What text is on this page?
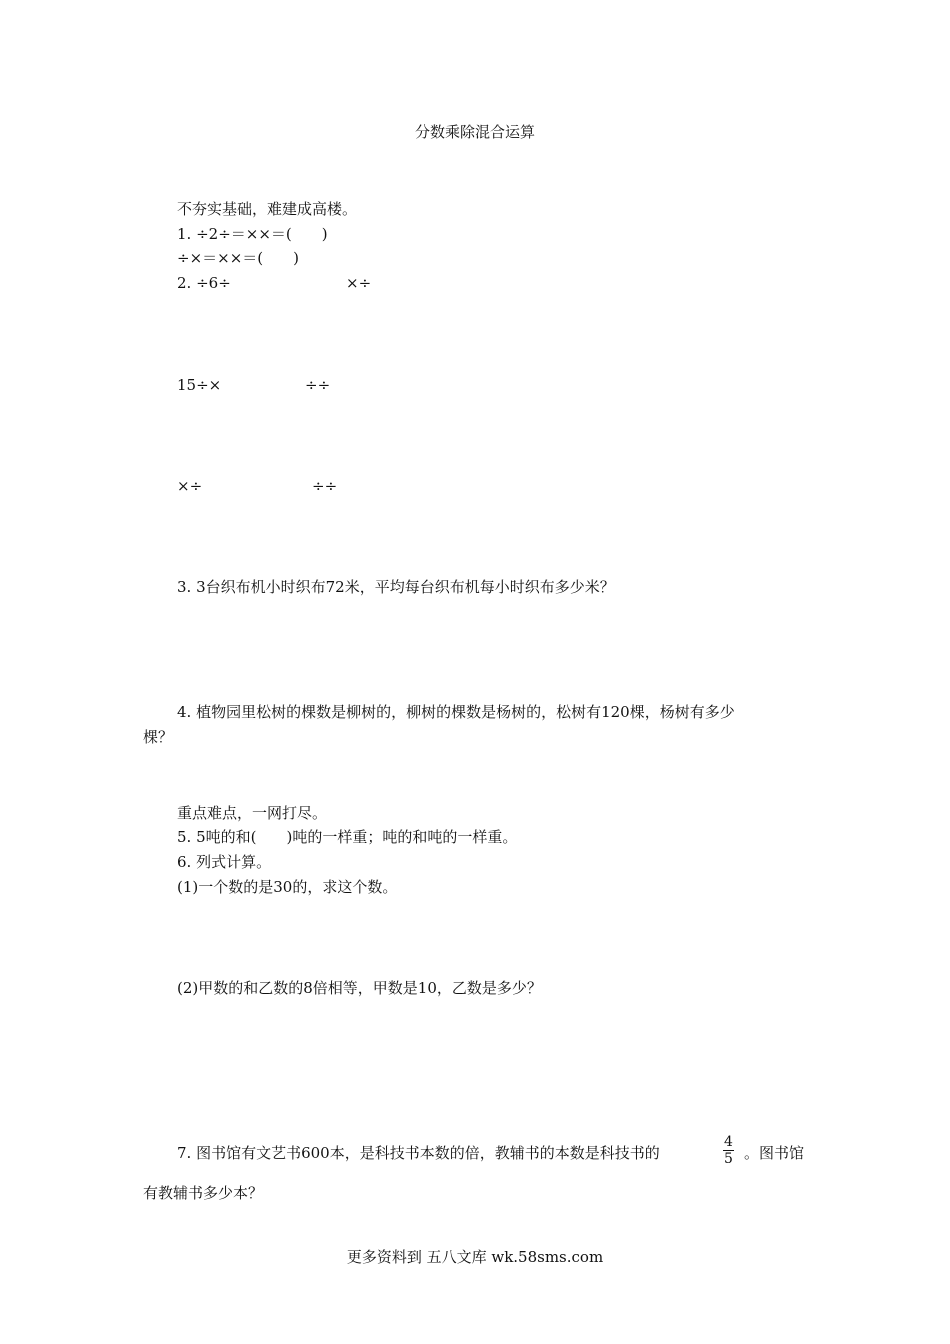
分数乘除混合运算
不夯实基础，难建成高楼。
1. ÷2÷＝××＝(　　)
÷×＝××＝(　　)
2. ÷6÷	×÷
15÷×	÷÷
×÷	÷÷
3. 3台织布机小时织布72米，平均每台织布机每小时织布多少米？
4. 植物园里松树的棵数是柳树的，柳树的棵数是杨树的，松树有120棵，杨树有多少
棵？
重点难点，一网打尽。
5. 5吨的和(　　)吨的一样重；吨的和吨的一样重。
6. 列式计算。
(1)一个数的是30的，求这个数。
(2)甲数的和乙数的8倍相等，甲数是10，乙数是多少？
7. 图书馆有文艺书600本，是科技书本数的倍，教辅书的本数是科技书的	$\frac{4}{5}$ 。图书馆
有教辅书多少本？
更多资料到 五八文库 wk.58sms.com
